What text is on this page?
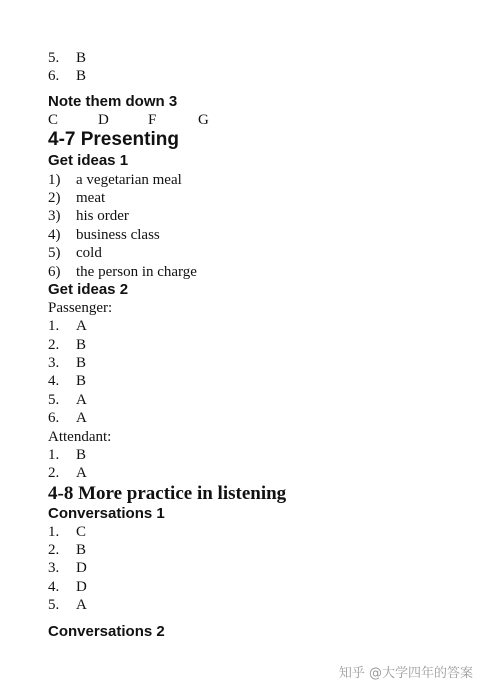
5. B
6. B
Note them down 3
C	D	F	G
4-7 Presenting
Get ideas 1
1) a vegetarian meal
2) meat
3) his order
4) business class
5) cold
6) the person in charge
Get ideas 2
Passenger:
1. A
2. B
3. B
4. B
5. A
6. A
Attendant:
1. B
2. A
4-8 More practice in listening
Conversations 1
1. C
2. B
3. D
4. D
5. A
Conversations 2
知乎 @大学四年的答案
